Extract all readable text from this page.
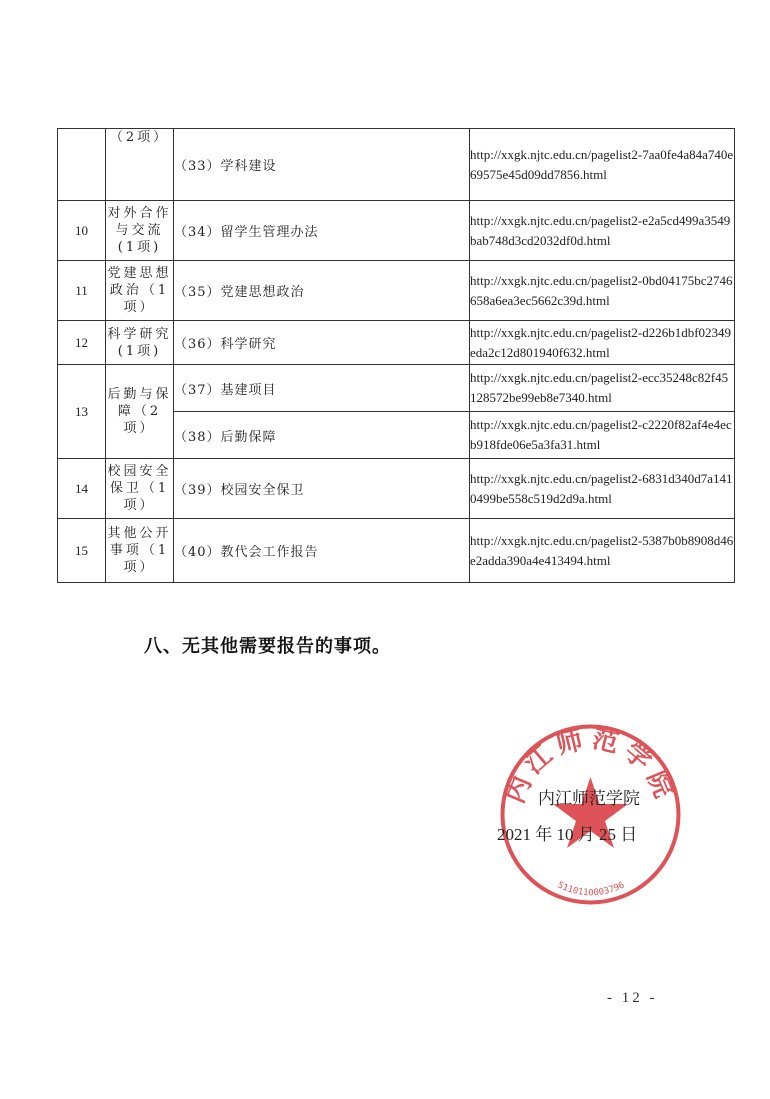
	（2项）	（33）学科建设	http://xxgk.njtc.edu.cn/pagelist2-7aa0fe4a84a740e69575e45d09dd7856.html
10	对外合作与交流(1项)	（34）留学生管理办法	http://xxgk.njtc.edu.cn/pagelist2-e2a5cd499a3549bab748d3cd2032df0d.html
11	党建思想政治（1项）	（35）党建思想政治	http://xxgk.njtc.edu.cn/pagelist2-0bd04175bc2746658a6ea3ec5662c39d.html
12	科学研究(1项)	（36）科学研究	http://xxgk.njtc.edu.cn/pagelist2-d226b1dbf02349eda2c12d801940f632.html
13	后勤与保障（2项）	（37）基建项目	http://xxgk.njtc.edu.cn/pagelist2-ecc35248c82f45128572be99eb8e7340.html
		（38）后勤保障	http://xxgk.njtc.edu.cn/pagelist2-c2220f82af4e4ecb918fde06e5a3fa31.html
14	校园安全保卫（1项）	（39）校园安全保卫	http://xxgk.njtc.edu.cn/pagelist2-6831d340d7a1410499be558c519d2d9a.html
15	其他公开事项（1项）	（40）教代会工作报告	http://xxgk.njtc.edu.cn/pagelist2-5387b0b8908d46e2adda390a4e413494.html
八、无其他需要报告的事项。
内江师范学院
5110110003796
内江师范学院
2021 年 10 月 25 日
- 12 -
